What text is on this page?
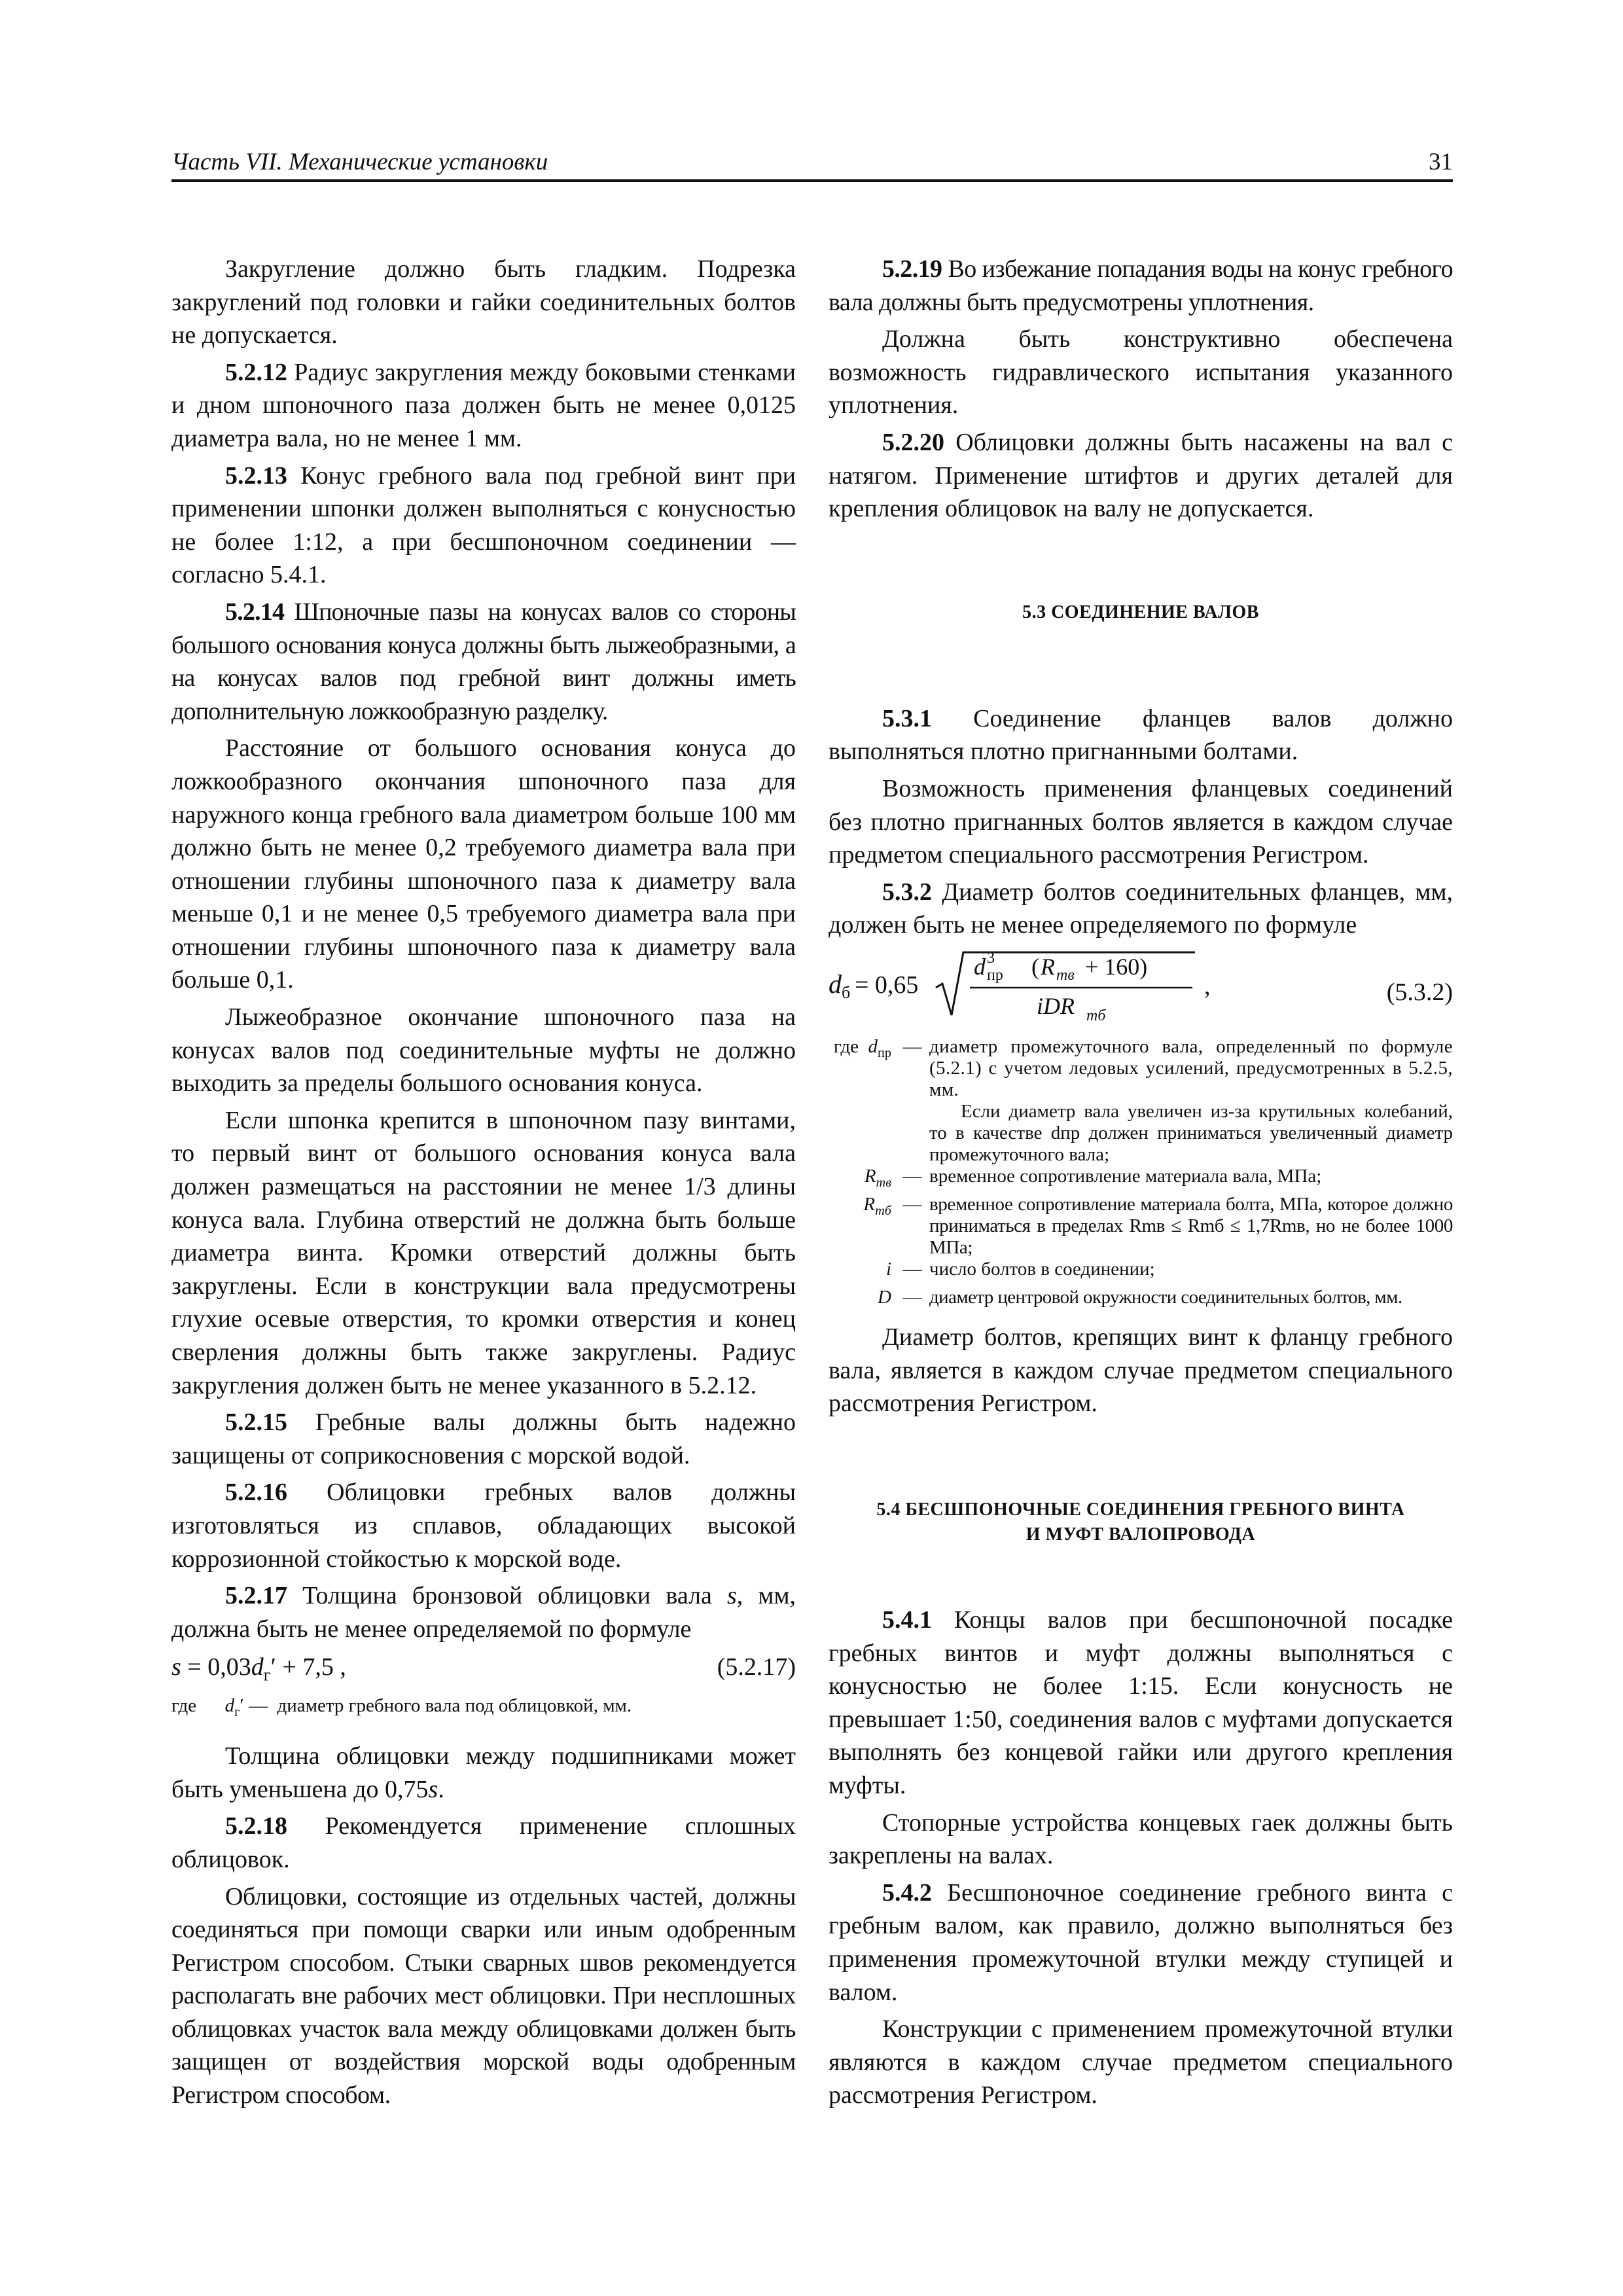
Часть VII. Механические установки	31

Закругление должно быть гладким. Подрезка закруглений под головки и гайки соединительных болтов не допускается.

5.2.12 Радиус закругления между боковыми стенками и дном шпоночного паза должен быть не менее 0,0125 диаметра вала, но не менее 1 мм.

5.2.13 Конус гребного вала под гребной винт при применении шпонки должен выполняться с конусностью не более 1:12, а при бесшпоночном соединении — согласно 5.4.1.

5.2.14 Шпоночные пазы на конусах валов со стороны большого основания конуса должны быть лыжеобразными, а на конусах валов под гребной винт должны иметь дополнительную ложкообразную разделку.

Расстояние от большого основания конуса до ложкообразного окончания шпоночного паза для наружного конца гребного вала диаметром больше 100 мм должно быть не менее 0,2 требуемого диаметра вала при отношении глубины шпоночного паза к диаметру вала меньше 0,1 и не менее 0,5 требуемого диаметра вала при отношении глубины шпоночного паза к диаметру вала больше 0,1.

Лыжеобразное окончание шпоночного паза на конусах валов под соединительные муфты не должно выходить за пределы большого основания конуса.

Если шпонка крепится в шпоночном пазу винтами, то первый винт от большого основания конуса вала должен размещаться на расстоянии не менее 1/3 длины конуса вала. Глубина отверстий не должна быть больше диаметра винта. Кромки отверстий должны быть закруглены. Если в конструкции вала предусмотрены глухие осевые отверстия, то кромки отверстия и конец сверления должны быть также закруглены. Радиус закругления должен быть не менее указанного в 5.2.12.

5.2.15 Гребные валы должны быть надежно защищены от соприкосновения с морской водой.

5.2.16 Облицовки гребных валов должны изготовляться из сплавов, обладающих высокой коррозионной стойкостью к морской воде.

5.2.17 Толщина бронзовой облицовки вала s, мм, должна быть не менее определяемой по формуле

$s = 0,03d_г' + 7,5$ ,	(5.2.17)
где $d_г'$ — диаметр гребного вала под облицовкой, мм.

Толщина облицовки между подшипниками может быть уменьшена до 0,75s.

5.2.18 Рекомендуется применение сплошных облицовок.

Облицовки, состоящие из отдельных частей, должны соединяться при помощи сварки или иным одобренным Регистром способом. Стыки сварных швов рекомендуется располагать вне рабочих мест облицовки. При несплошных облицовках участок вала между облицовками должен быть защищен от воздействия морской воды одобренным Регистром способом.

5.2.19 Во избежание попадания воды на конус гребного вала должны быть предусмотрены уплотнения.

Должна быть конструктивно обеспечена возможность гидравлического испытания указанного уплотнения.

5.2.20 Облицовки должны быть насажены на вал с натягом. Применение штифтов и других деталей для крепления облицовок на валу не допускается.

5.3 СОЕДИНЕНИЕ ВАЛОВ

5.3.1 Соединение фланцев валов должно выполняться плотно пригнанными болтами.

Возможность применения фланцевых соединений без плотно пригнанных болтов является в каждом случае предметом специального рассмотрения Регистром.

5.3.2 Диаметр болтов соединительных фланцев, мм, должен быть не менее определяемого по формуле

d б = 0,65
d 3
пр ( R mв + 160)
iDR mб
,	(5.3.2)
где $d_{пр}$	—	диаметр промежуточного вала, определенный по формуле (5.2.1) с учетом ледовых усилений, предусмотренных в 5.2.5, мм.
		Если диаметр вала увеличен из-за крутильных колебаний, то в качестве dпр должен приниматься увеличенный диаметр промежуточного вала;
$R_{mв}$	—	временное сопротивление материала вала, МПа;
$R_{mб}$	—	временное сопротивление материала болта, МПа, которое должно приниматься в пределах Rmв ≤ Rmб ≤ 1,7Rmв, но не более 1000 МПа;
i	—	число болтов в соединении;
D	—	диаметр центровой окружности соединительных болтов, мм.

Диаметр болтов, крепящих винт к фланцу гребного вала, является в каждом случае предметом специального рассмотрения Регистром.

5.4 БЕСШПОНОЧНЫЕ СОЕДИНЕНИЯ ГРЕБНОГО ВИНТА
И МУФТ ВАЛОПРОВОДА

5.4.1 Концы валов при бесшпоночной посадке гребных винтов и муфт должны выполняться с конусностью не более 1:15. Если конусность не превышает 1:50, соединения валов с муфтами допускается выполнять без концевой гайки или другого крепления муфты.

Стопорные устройства концевых гаек должны быть закреплены на валах.

5.4.2 Бесшпоночное соединение гребного винта с гребным валом, как правило, должно выполняться без применения промежуточной втулки между ступицей и валом.

Конструкции с применением промежуточной втулки являются в каждом случае предметом специального рассмотрения Регистром.
